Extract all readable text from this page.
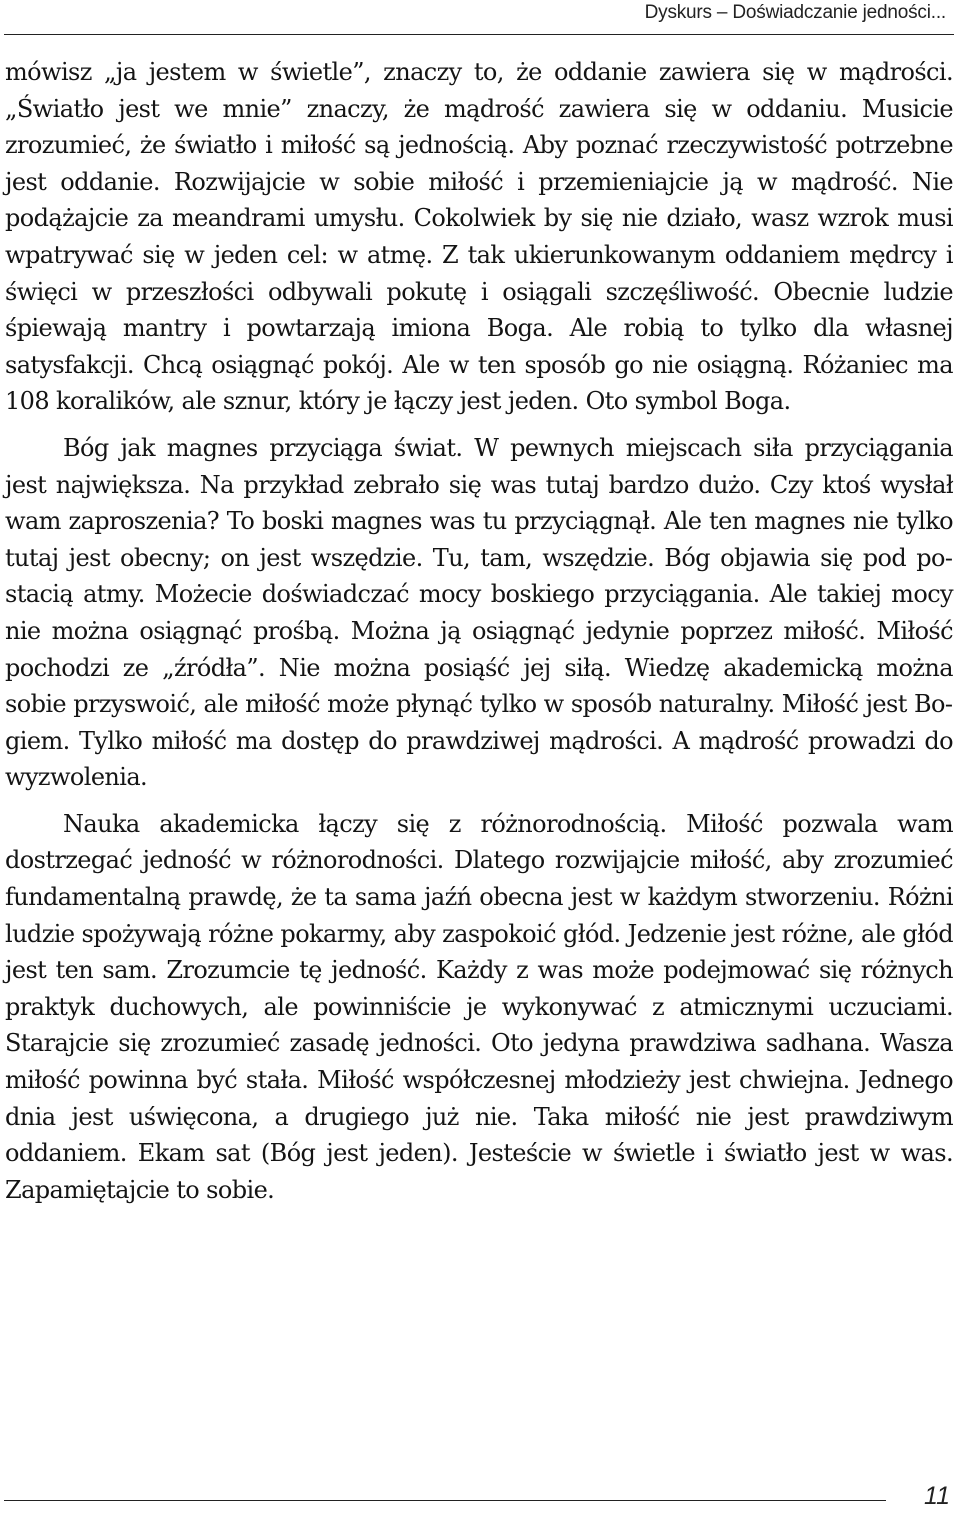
Dyskurs – Doświadczanie jedności...

mówisz „ja jestem w świetle”, znaczy to, że oddanie zawiera się w mądrości. „Światło jest we mnie” znaczy, że mądrość zawiera się w oddaniu. Musicie zrozumieć, że światło i miłość są jednością. Aby poznać rzeczywistość potrzebne jest oddanie. Rozwijajcie w sobie miłość i przemieniajcie ją w mądrość. Nie podążajcie za meandrami umysłu. Cokolwiek by się nie działo, wasz wzrok musi wpatrywać się w jeden cel: w atmę. Z tak ukierunkowanym oddaniem mędrcy i święci w przeszłości odbywali pokutę i osiągali szczęśliwość. Obecnie ludzie śpiewają mantry i powtarzają imiona Boga. Ale robią to tylko dla własnej satysfakcji. Chcą osiągnąć pokój. Ale w ten sposób go nie osiągną. Różaniec ma 108 koralików, ale sznur, który je łączy jest jeden. Oto symbol Boga.

Bóg jak magnes przyciąga świat. W pewnych miejscach siła przyciągania jest największa. Na przykład zebrało się was tutaj bardzo dużo. Czy ktoś wysłał wam zaproszenia? To boski magnes was tu przyciągnął. Ale ten magnes nie tylko tutaj jest obecny; on jest wszędzie. Tu, tam, wszędzie. Bóg objawia się pod postacią atmy. Możecie doświadczać mocy boskiego przyciągania. Ale takiej mocy nie można osiągnąć prośbą. Można ją osiągnąć jedynie poprzez miłość. Miłość pochodzi ze „źródła”. Nie można posiąść jej siłą. Wiedzę akademicką można sobie przyswoić, ale miłość może płynąć tylko w sposób naturalny. Miłość jest Bogiem. Tylko miłość ma dostęp do prawdziwej mądrości. A mądrość prowadzi do wyzwolenia.

Nauka akademicka łączy się z różnorodnością. Miłość pozwala wam dostrzegać jedność w różnorodności. Dlatego rozwijajcie miłość, aby zrozumieć fundamentalną prawdę, że ta sama jaźń obecna jest w każdym stworzeniu. Różni ludzie spożywają różne pokarmy, aby zaspokoić głód. Jedzenie jest różne, ale głód jest ten sam. Zrozumcie tę jedność. Każdy z was może podejmować się różnych praktyk duchowych, ale powinniście je wykonywać z atmicznymi uczuciami. Starajcie się zrozumieć zasadę jedności. Oto jedyna prawdziwa sadhana. Wasza miłość powinna być stała. Miłość współczesnej młodzieży jest chwiejna. Jednego dnia jest uświęcona, a drugiego już nie. Taka miłość nie jest prawdziwym oddaniem. Ekam sat (Bóg jest jeden). Jesteście w świetle i światło jest w was. Zapamiętajcie to sobie.

11
